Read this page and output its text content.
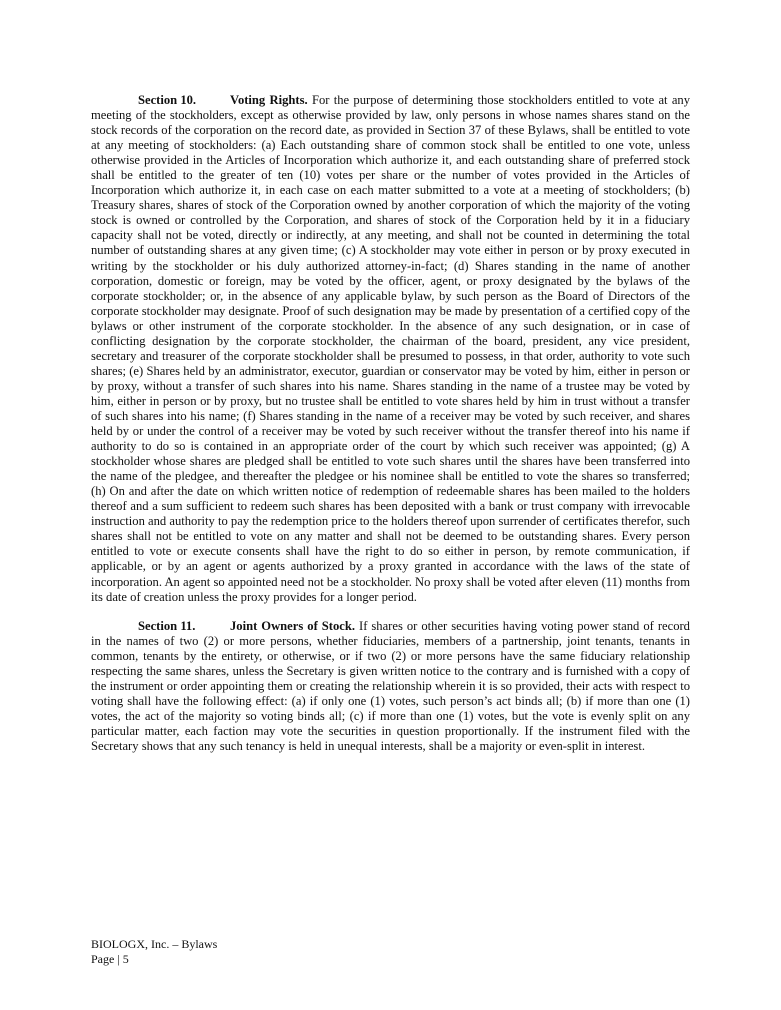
Section 10.	Voting Rights. For the purpose of determining those stockholders entitled to vote at any meeting of the stockholders, except as otherwise provided by law, only persons in whose names shares stand on the stock records of the corporation on the record date, as provided in Section 37 of these Bylaws, shall be entitled to vote at any meeting of stockholders: (a) Each outstanding share of common stock shall be entitled to one vote, unless otherwise provided in the Articles of Incorporation which authorize it, and each outstanding share of preferred stock shall be entitled to the greater of ten (10) votes per share or the number of votes provided in the Articles of Incorporation which authorize it, in each case on each matter submitted to a vote at a meeting of stockholders; (b) Treasury shares, shares of stock of the Corporation owned by another corporation of which the majority of the voting stock is owned or controlled by the Corporation, and shares of stock of the Corporation held by it in a fiduciary capacity shall not be voted, directly or indirectly, at any meeting, and shall not be counted in determining the total number of outstanding shares at any given time; (c) A stockholder may vote either in person or by proxy executed in writing by the stockholder or his duly authorized attorney-in-fact; (d) Shares standing in the name of another corporation, domestic or foreign, may be voted by the officer, agent, or proxy designated by the bylaws of the corporate stockholder; or, in the absence of any applicable bylaw, by such person as the Board of Directors of the corporate stockholder may designate. Proof of such designation may be made by presentation of a certified copy of the bylaws or other instrument of the corporate stockholder. In the absence of any such designation, or in case of conflicting designation by the corporate stockholder, the chairman of the board, president, any vice president, secretary and treasurer of the corporate stockholder shall be presumed to possess, in that order, authority to vote such shares; (e) Shares held by an administrator, executor, guardian or conservator may be voted by him, either in person or by proxy, without a transfer of such shares into his name. Shares standing in the name of a trustee may be voted by him, either in person or by proxy, but no trustee shall be entitled to vote shares held by him in trust without a transfer of such shares into his name; (f) Shares standing in the name of a receiver may be voted by such receiver, and shares held by or under the control of a receiver may be voted by such receiver without the transfer thereof into his name if authority to do so is contained in an appropriate order of the court by which such receiver was appointed; (g) A stockholder whose shares are pledged shall be entitled to vote such shares until the shares have been transferred into the name of the pledgee, and thereafter the pledgee or his nominee shall be entitled to vote the shares so transferred; (h) On and after the date on which written notice of redemption of redeemable shares has been mailed to the holders thereof and a sum sufficient to redeem such shares has been deposited with a bank or trust company with irrevocable instruction and authority to pay the redemption price to the holders thereof upon surrender of certificates therefor, such shares shall not be entitled to vote on any matter and shall not be deemed to be outstanding shares. Every person entitled to vote or execute consents shall have the right to do so either in person, by remote communication, if applicable, or by an agent or agents authorized by a proxy granted in accordance with the laws of the state of incorporation. An agent so appointed need not be a stockholder. No proxy shall be voted after eleven (11) months from its date of creation unless the proxy provides for a longer period.

Section 11.	Joint Owners of Stock. If shares or other securities having voting power stand of record in the names of two (2) or more persons, whether fiduciaries, members of a partnership, joint tenants, tenants in common, tenants by the entirety, or otherwise, or if two (2) or more persons have the same fiduciary relationship respecting the same shares, unless the Secretary is given written notice to the contrary and is furnished with a copy of the instrument or order appointing them or creating the relationship wherein it is so provided, their acts with respect to voting shall have the following effect: (a) if only one (1) votes, such person’s act binds all; (b) if more than one (1) votes, the act of the majority so voting binds all; (c) if more than one (1) votes, but the vote is evenly split on any particular matter, each faction may vote the securities in question proportionally. If the instrument filed with the Secretary shows that any such tenancy is held in unequal interests, shall be a majority or even-split in interest.

BIOLOGX, Inc. – Bylaws
Page | 5
